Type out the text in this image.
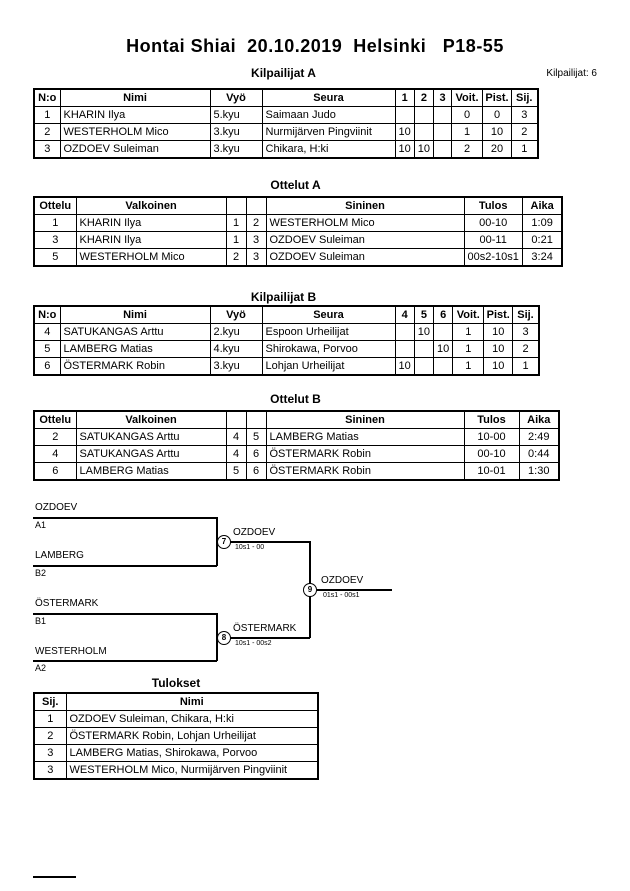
Hontai Shiai  20.10.2019  Helsinki   P18-55
Kilpailijat: 6
Kilpailijat A
N:o	Nimi	Vyö	Seura	1	2	3	Voit.	Pist.	Sij.
1	KHARIN Ilya	5.kyu	Saimaan Judo				0	0	3
2	WESTERHOLM Mico	3.kyu	Nurmijärven Pingviinit	10			1	10	2
3	OZDOEV Suleiman	3.kyu	Chikara, H:ki	10	10		2	20	1
Ottelut A
Ottelu	Valkoinen			Sininen	Tulos	Aika
1	KHARIN Ilya	1	2	WESTERHOLM Mico	00-10	1:09
3	KHARIN Ilya	1	3	OZDOEV Suleiman	00-11	0:21
5	WESTERHOLM Mico	2	3	OZDOEV Suleiman	00s2-10s1	3:24
Kilpailijat B
N:o	Nimi	Vyö	Seura	4	5	6	Voit.	Pist.	Sij.
4	SATUKANGAS Arttu	2.kyu	Espoon Urheilijat		10		1	10	3
5	LAMBERG Matias	4.kyu	Shirokawa, Porvoo			10	1	10	2
6	ÖSTERMARK Robin	3.kyu	Lohjan Urheilijat	10			1	10	1
Ottelut B
Ottelu	Valkoinen			Sininen	Tulos	Aika
2	SATUKANGAS Arttu	4	5	LAMBERG Matias	10-00	2:49
4	SATUKANGAS Arttu	4	6	ÖSTERMARK Robin	00-10	0:44
6	LAMBERG Matias	5	6	ÖSTERMARK Robin	10-01	1:30
OZDOEV
A1
LAMBERG
B2
7
OZDOEV
10s1 - 00
ÖSTERMARK
B1
WESTERHOLM
A2
8
ÖSTERMARK
10s1 - 00s2
9
OZDOEV
01s1 - 00s1
Tulokset
Sij.	Nimi
1	OZDOEV Suleiman, Chikara, H:ki
2	ÖSTERMARK Robin, Lohjan Urheilijat
3	LAMBERG Matias, Shirokawa, Porvoo
3	WESTERHOLM Mico, Nurmijärven Pingviinit
